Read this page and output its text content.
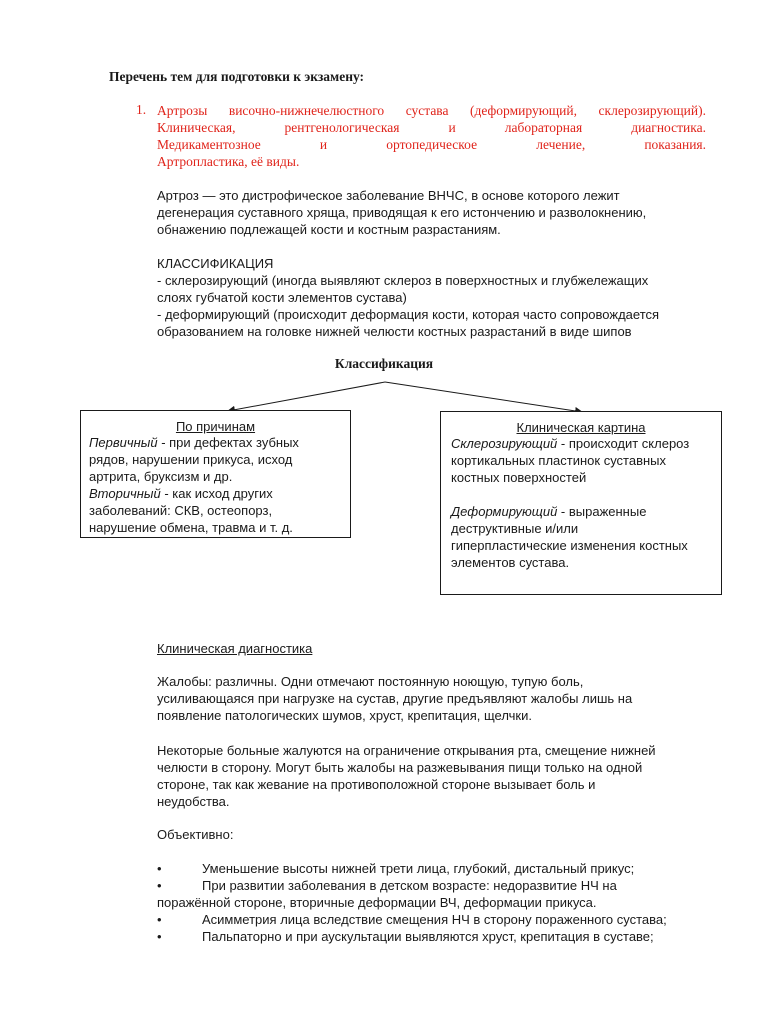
Перечень тем для подготовки к экзамену:
1. Артрозы височно-нижнечелюстного сустава (деформирующий, склерозирующий).
Клиническая, рентгенологическая и лабораторная диагностика.
Медикаментозное и ортопедическое лечение, показания.
Артропластика, её виды.
Артроз — это дистрофическое заболевание ВНЧС, в основе которого лежит
дегенерация суставного хряща, приводящая к его истончению и разволокнению,
обнажению подлежащей кости и костным разрастаниям.
КЛАССИФИКАЦИЯ
- склерозирующий (иногда выявляют склероз в поверхностных и глубжележащих
слоях губчатой кости элементов сустава)
- деформирующий (происходит деформация кости, которая часто сопровождается
образованием на головке нижней челюсти костных разрастаний в виде шипов
Классификация
По причинам
Первичный - при дефектах зубных
рядов, нарушении прикуса, исход
артрита, бруксизм и др.
Вторичный - как исход других
заболеваний: СКВ, остеопорз,
нарушение обмена, травма и т. д.
Клиническая картина
Склерозирующий - происходит склероз
кортикальных пластинок суставных
костных поверхностей
Деформирующий - выраженные
деструктивные и/или
гиперпластические изменения костных
элементов сустава.
Клиническая диагностика
Жалобы: различны. Одни отмечают постоянную ноющую, тупую боль,
усиливающаяся при нагрузке на сустав, другие предъявляют жалобы лишь на
появление патологических шумов, хруст, крепитация, щелчки.
Некоторые больные жалуются на ограничение открывания рта, смещение нижней
челюсти в сторону. Могут быть жалобы на разжевывания пищи только на одной
стороне, так как жевание на противоположной стороне вызывает боль и
неудобства.
Объективно:
•	Уменьшение высоты нижней трети лица, глубокий, дистальный прикус;
•	При развитии заболевания в детском возрасте: недоразвитие НЧ на
поражённой стороне, вторичные деформации ВЧ, деформации прикуса.
•	Асимметрия лица вследствие смещения НЧ в сторону пораженного сустава;
•	Пальпаторно и при аускультации выявляются хруст, крепитация в суставе;
